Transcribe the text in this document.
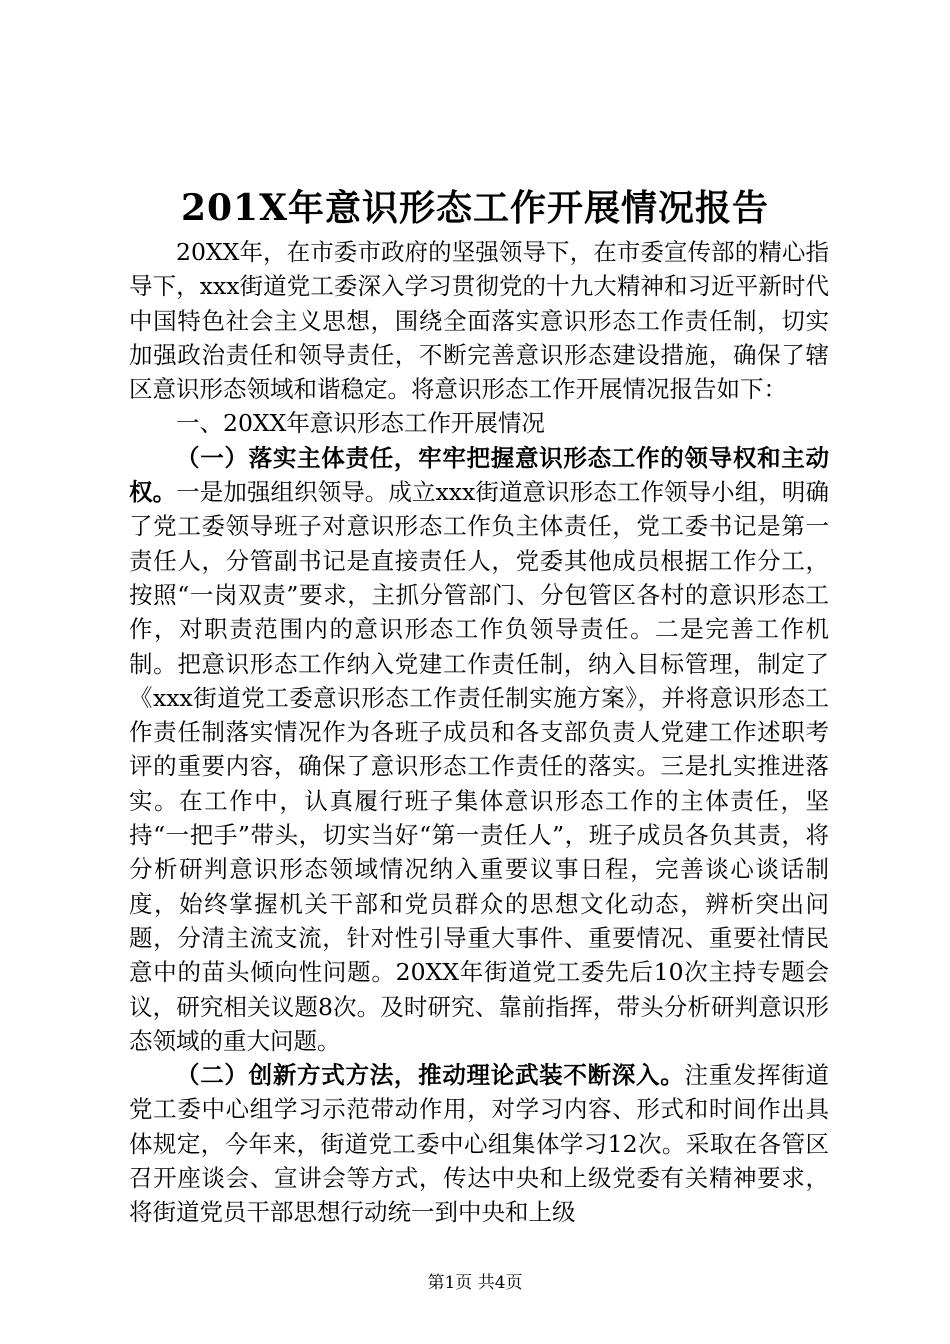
201X年意识形态工作开展情况报告

20XX年，在市委市政府的坚强领导下，在市委宣传部的精心指导下，xxx街道党工委深入学习贯彻党的十九大精神和习近平新时代中国特色社会主义思想，围绕全面落实意识形态工作责任制，切实加强政治责任和领导责任，不断完善意识形态建设措施，确保了辖区意识形态领域和谐稳定。将意识形态工作开展情况报告如下：

一、20XX年意识形态工作开展情况

（一）落实主体责任，牢牢把握意识形态工作的领导权和主动权。一是加强组织领导。成立xxx街道意识形态工作领导小组，明确了党工委领导班子对意识形态工作负主体责任，党工委书记是第一责任人，分管副书记是直接责任人，党委其他成员根据工作分工，按照“一岗双责”要求，主抓分管部门、分包管区各村的意识形态工作，对职责范围内的意识形态工作负领导责任。二是完善工作机制。把意识形态工作纳入党建工作责任制，纳入目标管理，制定了《xxx街道党工委意识形态工作责任制实施方案》，并将意识形态工作责任制落实情况作为各班子成员和各支部负责人党建工作述职考评的重要内容，确保了意识形态工作责任的落实。三是扎实推进落实。在工作中，认真履行班子集体意识形态工作的主体责任，坚持“一把手”带头，切实当好“第一责任人”，班子成员各负其责，将分析研判意识形态领域情况纳入重要议事日程，完善谈心谈话制度，始终掌握机关干部和党员群众的思想文化动态，辨析突出问题，分清主流支流，针对性引导重大事件、重要情况、重要社情民意中的苗头倾向性问题。20XX年街道党工委先后10次主持专题会议，研究相关议题8次。及时研究、靠前指挥，带头分析研判意识形态领域的重大问题。

（二）创新方式方法，推动理论武装不断深入。注重发挥街道党工委中心组学习示范带动作用，对学习内容、形式和时间作出具体规定，今年来，街道党工委中心组集体学习12次。采取在各管区召开座谈会、宣讲会等方式，传达中央和上级党委有关精神要求，将街道党员干部思想行动统一到中央和上级

第1页 共4页
